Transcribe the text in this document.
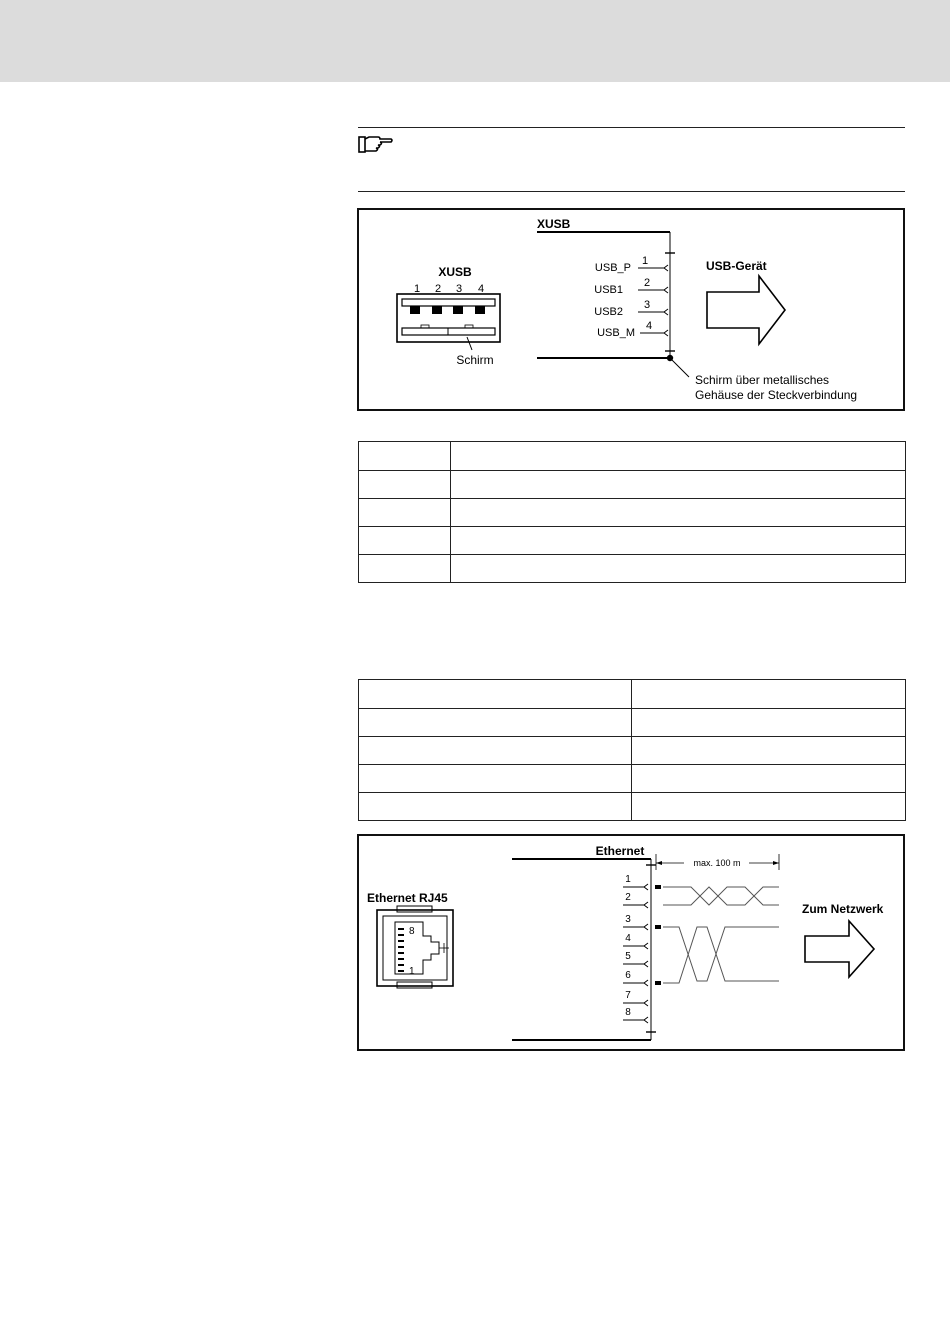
XUSB
1 2 3 4
Schirm
XUSB
USB_P
1
USB1
2
USB2
3
USB_M
4
USB-Gerät
Schirm über metallisches
Gehäuse der Steckverbindung

Ethernet
max. 100 m
1
2
3
4
5
6
7
8
Ethernet RJ45
8
1
Zum Netzwerk
